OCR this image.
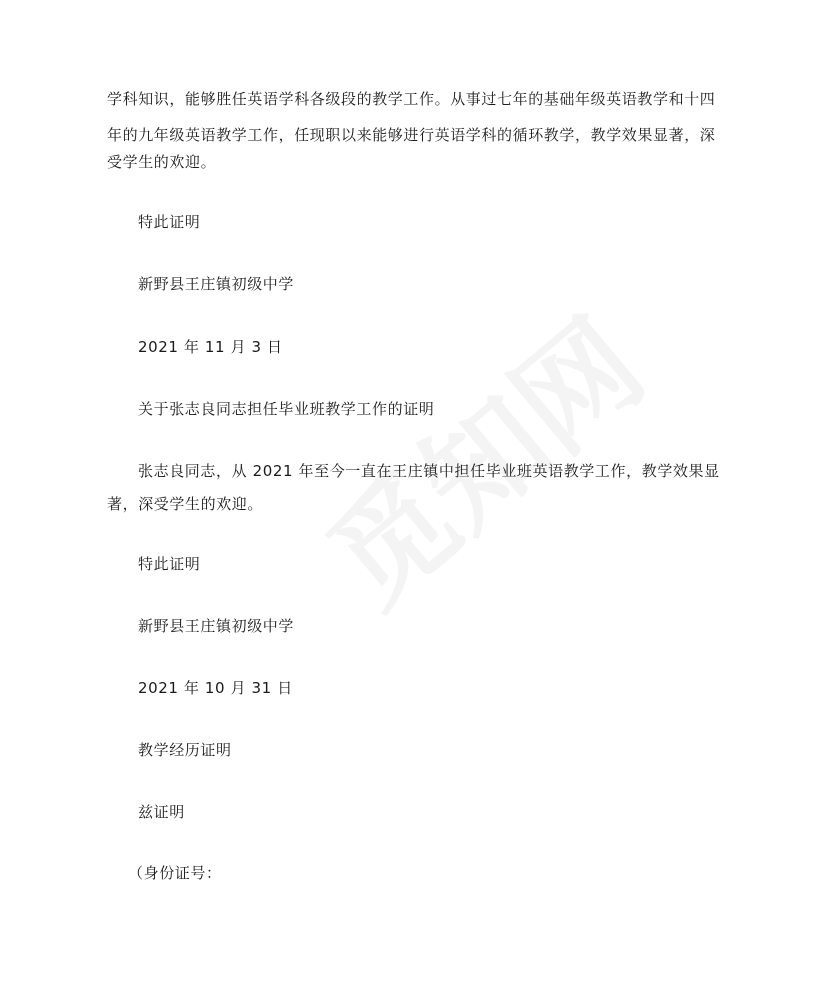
学科知识，能够胜任英语学科各级段的教学工作。从事过七年的基础年级英语教学和十四
年的九年级英语教学工作，任现职以来能够进行英语学科的循环教学，教学效果显著，深
受学生的欢迎。
特此证明
新野县王庄镇初级中学
2021 年 11 月 3 日
关于张志良同志担任毕业班教学工作的证明
张志良同志，从 2021 年至今一直在王庄镇中担任毕业班英语教学工作，教学效果显
著，深受学生的欢迎。
特此证明
新野县王庄镇初级中学
2021 年 10 月 31 日
教学经历证明
兹证明
（身份证号：
